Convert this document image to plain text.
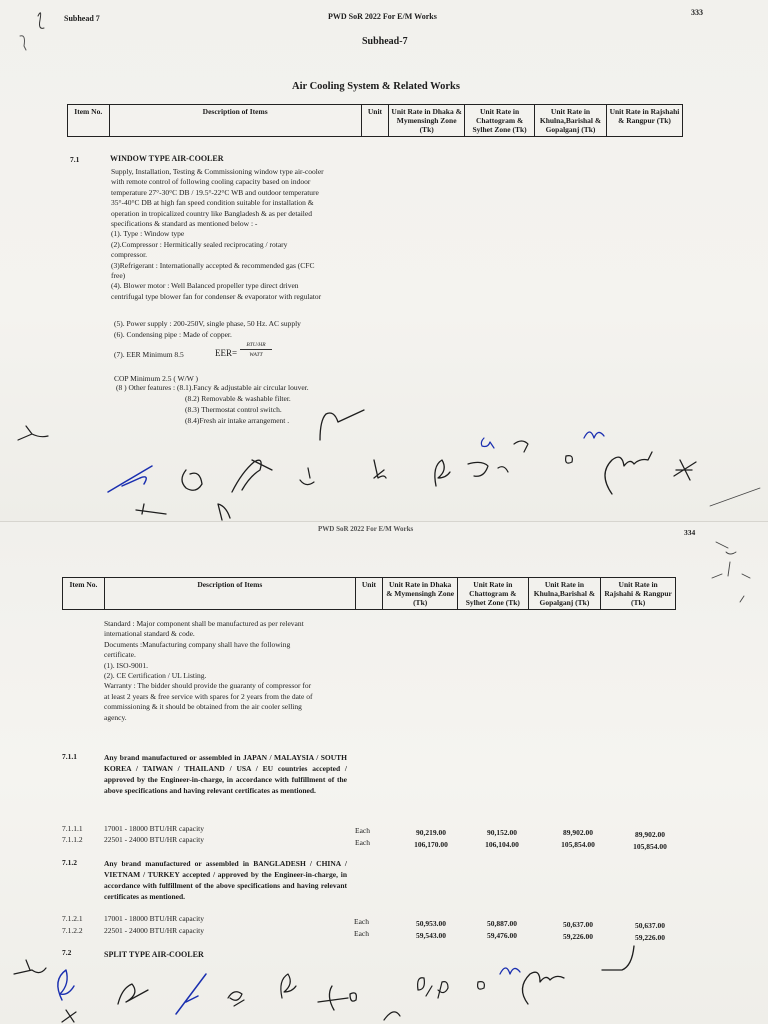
Subhead 7	PWD SoR 2022 For E/M Works	333
Subhead-7
Air Cooling System & Related Works
Item No.	Description of Items	Unit	Unit Rate in Dhaka & Mymensingh Zone (Tk)	Unit Rate in Chattogram & Sylhet Zone (Tk)	Unit Rate in Khulna,Barishal & Gopalganj (Tk)	Unit Rate in Rajshahi & Rangpur (Tk)
7.1	WINDOW TYPE AIR-COOLER
Supply, Installation, Testing & Commissioning window type air-cooler
with remote control of following cooling capacity based on indoor
temperature 27°-30°C DB / 19.5°-22°C WB and outdoor temperature
35°-40°C DB at high fan speed condition suitable for installation &
operation in tropicalized country like Bangladesh & as per detailed
specifications & standard as mentioned below : -
(1). Type : Window type
(2).Compressor : Hermitically sealed reciprocating / rotary
compressor.
(3)Refrigerant : Internationally accepted & recommended gas (CFC
free)
(4). Blower motor : Well Balanced propeller type direct driven
centrifugal type blower fan for condenser & evaporator with regulator
(5). Power supply : 200-250V, single phase, 50 Hz. AC supply
(6). Condensing pipe : Made of copper.
(7). EER Minimum 8.5	EER=
BTU/HR
WATT
COP Minimum 2.5 ( W/W )
(8 ) Other features : (8.1).Fancy & adjustable air circular louver.
(8.2) Removable & washable filter.
(8.3) Thermostat control switch.
(8.4)Fresh air intake arrangement .
PWD SoR 2022 For E/M Works	334
Item No.	Description of Items	Unit	Unit Rate in Dhaka & Mymensingh Zone (Tk)	Unit Rate in Chattogram & Sylhet Zone (Tk)	Unit Rate in Khulna,Barishal & Gopalganj (Tk)	Unit Rate in Rajshahi & Rangpur (Tk)
Standard : Major component shall be manufactured as per relevant
international standard & code.
Documents :Manufacturing company shall have the following
certificate.
(1). ISO-9001.
(2). CE Certification / UL Listing.
Warranty : The bidder should provide the guaranty of compressor for
at least 2 years & free service with spares for 2 years from the date of
commissioning & it should be obtained from the air cooler selling
agency.
7.1.1	Any brand manufactured or assembled in JAPAN / MALAYSIA / SOUTH KOREA / TAIWAN / THAILAND / USA / EU countries accepted / approved by the Engineer-in-charge, in accordance with fulfillment of the above specifications and having relevant certificates as mentioned.
7.1.1.1	17001 - 18000 BTU/HR capacity	Each	90,219.00	90,152.00	89,902.00	89,902.00
7.1.1.2	22501 - 24000 BTU/HR capacity	Each	106,170.00	106,104.00	105,854.00	105,854.00
7.1.2	Any brand manufactured or assembled in BANGLADESH / CHINA / VIETNAM / TURKEY accepted / approved by the Engineer-in-charge, in accordance with fulfillment of the above specifications and having relevant certificates as mentioned.
7.1.2.1	17001 - 18000 BTU/HR capacity	Each	50,953.00	50,887.00	50,637.00	50,637.00
7.1.2.2	22501 - 24000 BTU/HR capacity	Each	59,543.00	59,476.00	59,226.00	59,226.00
7.2	SPLIT TYPE AIR-COOLER
